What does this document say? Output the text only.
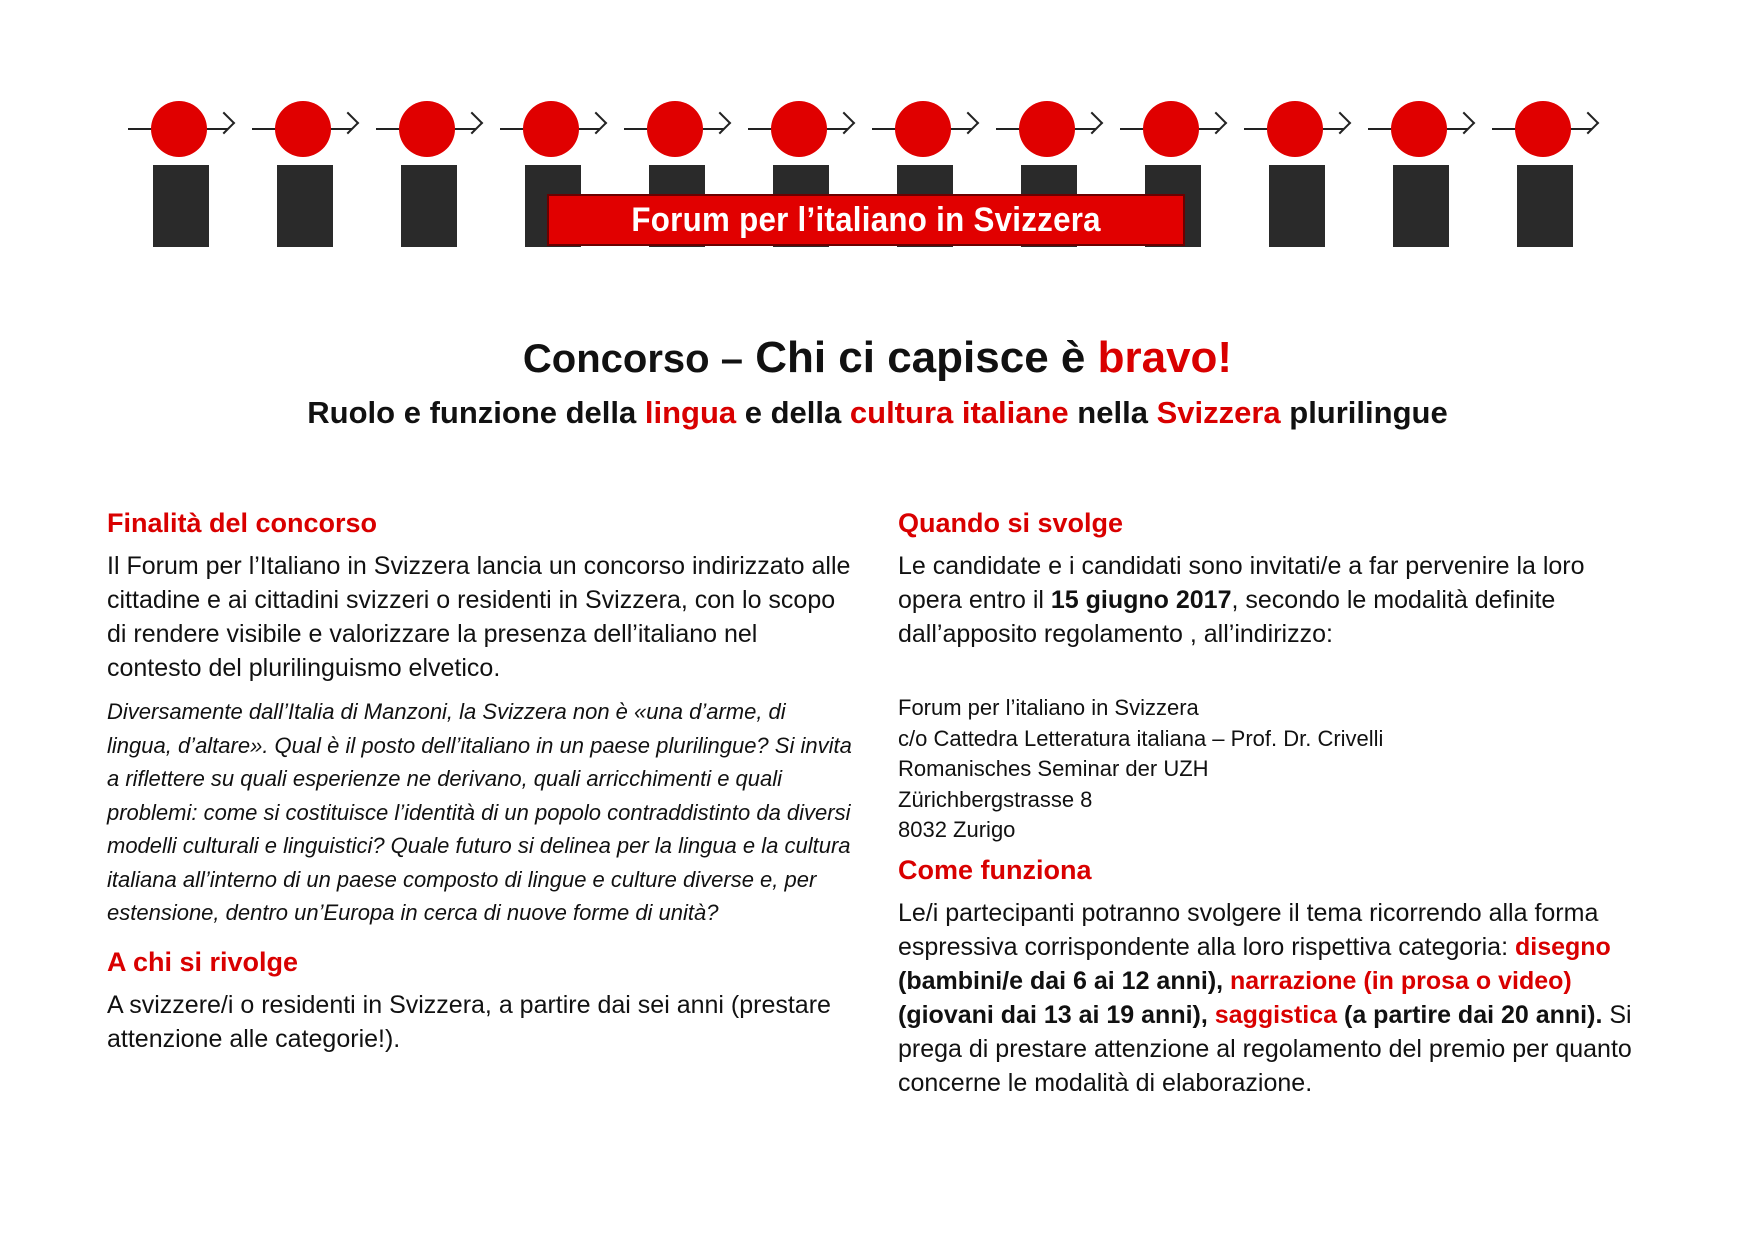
Forum per l’italiano in Svizzera
Concorso – Chi ci capisce è bravo!

Ruolo e funzione della lingua e della cultura italiane nella Svizzera plurilingue

Finalità del concorso

Il Forum per l’Italiano in Svizzera lancia un concorso indirizzato alle cittadine e ai cittadini svizzeri o residenti in Svizzera, con lo scopo di rendere visibile e valorizzare la presenza dell’italiano nel contesto del plurilinguismo elvetico.

Diversamente dall’Italia di Manzoni, la Svizzera non è «una d’arme, di lingua, d’altare». Qual è il posto dell’italiano in un paese plurilingue? Si invita a riflettere su quali esperienze ne derivano, quali arricchimenti e quali problemi: come si costituisce l’identità di un popolo contraddistinto da diversi modelli culturali e linguistici? Quale futuro si delinea per la lingua e la cultura italiana all’interno di un paese composto di lingue e culture diverse e, per estensione, dentro un’Europa in cerca di nuove forme di unità?

A chi si rivolge

A svizzere/i o residenti in Svizzera, a partire dai sei anni (prestare attenzione alle categorie!).

Quando si svolge

Le candidate e i candidati sono invitati/e a far pervenire la loro opera entro il 15 giugno 2017, secondo le modalità definite dall’apposito regolamento , all’indirizzo:

Forum per l’italiano in Svizzera
c/o Cattedra Letteratura italiana – Prof. Dr. Crivelli
Romanisches Seminar der UZH
Zürichbergstrasse 8
8032 Zurigo
Come funziona

Le/i partecipanti potranno svolgere il tema ricorrendo alla forma espressiva corrispondente alla loro rispettiva categoria: disegno (bambini/e dai 6 ai 12 anni), narrazione (in prosa o video) (giovani dai 13 ai 19 anni), saggistica (a partire dai 20 anni). Si prega di prestare attenzione al regolamento del premio per quanto concerne le modalità di elaborazione.
